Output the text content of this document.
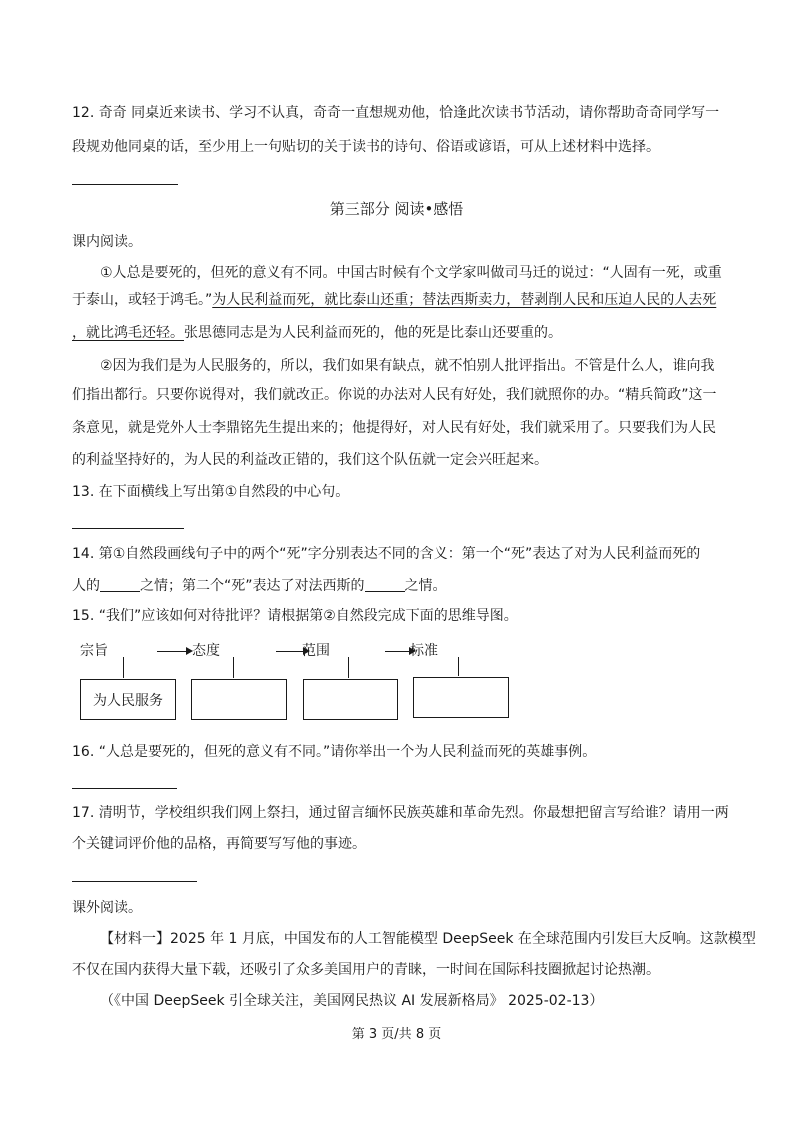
12. 奇奇 同桌近来读书、学习不认真，奇奇一直想规劝他，恰逢此次读书节活动，请你帮助奇奇同学写一
段规劝他同桌的话，至少用上一句贴切的关于读书的诗句、俗语或谚语，可从上述材料中选择。
第三部分 阅读•感悟
课内阅读。
①人总是要死的，但死的意义有不同。中国古时候有个文学家叫做司马迁的说过：“人固有一死，或重
于泰山，或轻于鸿毛。”为人民利益而死，就比泰山还重；替法西斯卖力，替剥削人民和压迫人民的人去死
，就比鸿毛还轻。张思德同志是为人民利益而死的，他的死是比泰山还要重的。
②因为我们是为人民服务的，所以，我们如果有缺点，就不怕别人批评指出。不管是什么人，谁向我
们指出都行。只要你说得对，我们就改正。你说的办法对人民有好处，我们就照你的办。“精兵简政”这一
条意见，就是党外人士李鼎铭先生提出来的；他提得好，对人民有好处，我们就采用了。只要我们为人民
的利益坚持好的，为人民的利益改正错的，我们这个队伍就一定会兴旺起来。
13. 在下面横线上写出第①自然段的中心句。
14. 第①自然段画线句子中的两个“死”字分别表达不同的含义：第一个“死”表达了对为人民利益而死的
人的	之情；第二个“死”表达了对法西斯的	之情。
15. “我们”应该如何对待批评？请根据第②自然段完成下面的思维导图。
宗旨	态度	范围	标准
为人民服务
16. “人总是要死的，但死的意义有不同。”请你举出一个为人民利益而死的英雄事例。
17. 清明节，学校组织我们网上祭扫，通过留言缅怀民族英雄和革命先烈。你最想把留言写给谁？请用一两
个关键词评价他的品格，再简要写写他的事迹。
课外阅读。
【材料一】2025 年 1 月底，中国发布的人工智能模型 DeepSeek 在全球范围内引发巨大反响。这款模型
不仅在国内获得大量下载，还吸引了众多美国用户的青睐，一时间在国际科技圈掀起讨论热潮。
（《中国 DeepSeek 引全球关注，美国网民热议 AI 发展新格局》 2025-02-13）
第 3 页/共 8 页
